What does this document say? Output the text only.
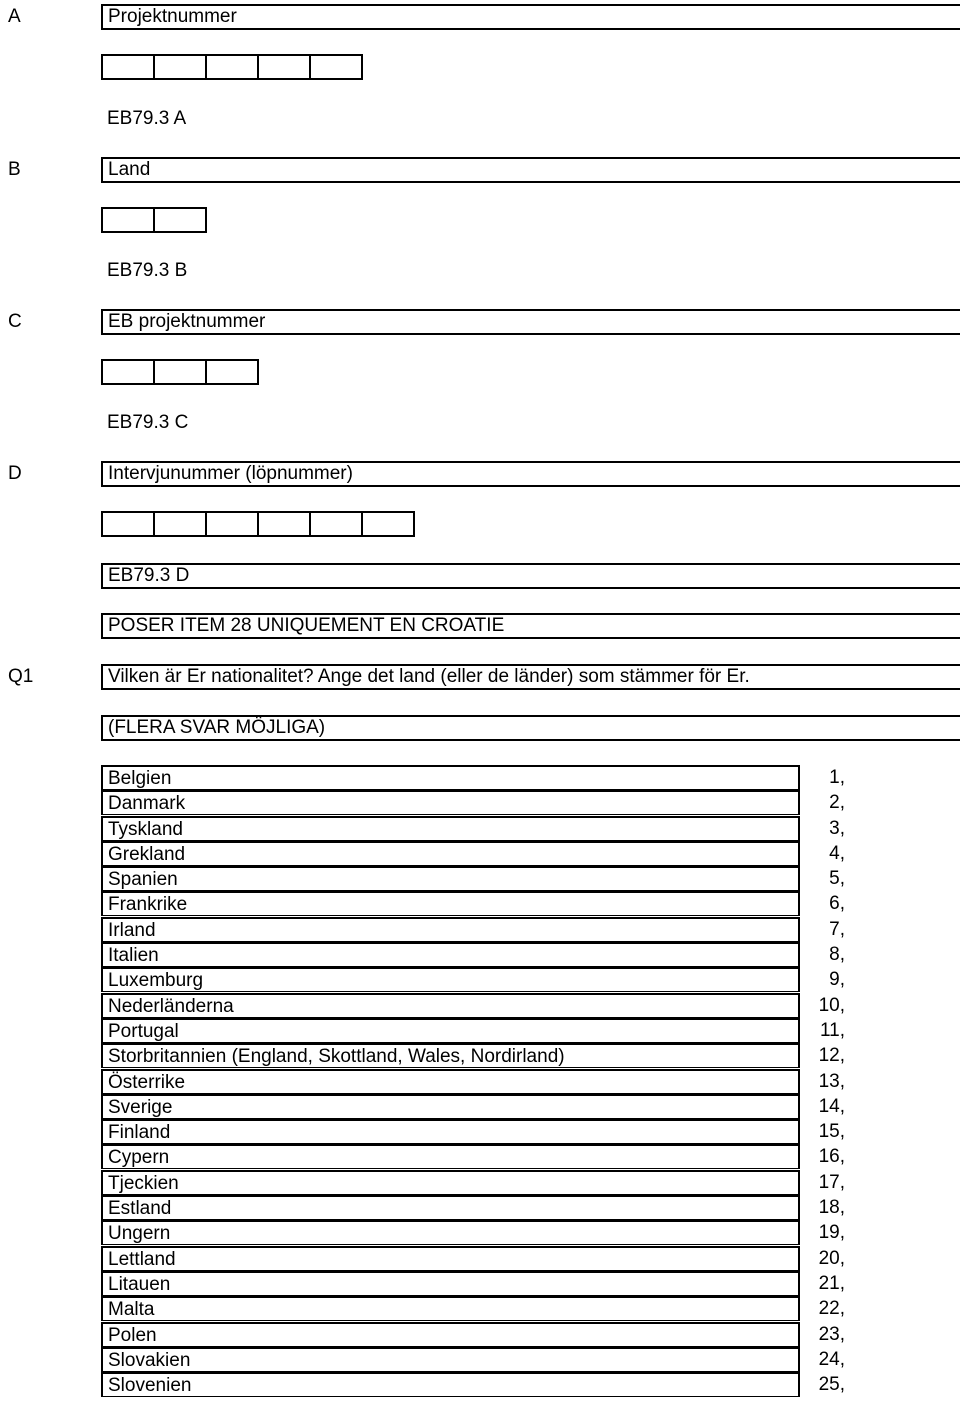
A	Projektnummer
EB79.3 A
B	Land
EB79.3 B
C	EB projektnummer
EB79.3 C
D	Intervjunummer (löpnummer)
EB79.3 D
POSER ITEM 28 UNIQUEMENT EN CROATIE
Q1	Vilken är Er nationalitet? Ange det land (eller de länder) som stämmer för Er.
(FLERA SVAR MÖJLIGA)
Belgien	1,
Danmark	2,
Tyskland	3,
Grekland	4,
Spanien	5,
Frankrike	6,
Irland	7,
Italien	8,
Luxemburg	9,
Nederländerna	10,
Portugal	11,
Storbritannien (England, Skottland, Wales, Nordirland)	12,
Österrike	13,
Sverige	14,
Finland	15,
Cypern	16,
Tjeckien	17,
Estland	18,
Ungern	19,
Lettland	20,
Litauen	21,
Malta	22,
Polen	23,
Slovakien	24,
Slovenien	25,
